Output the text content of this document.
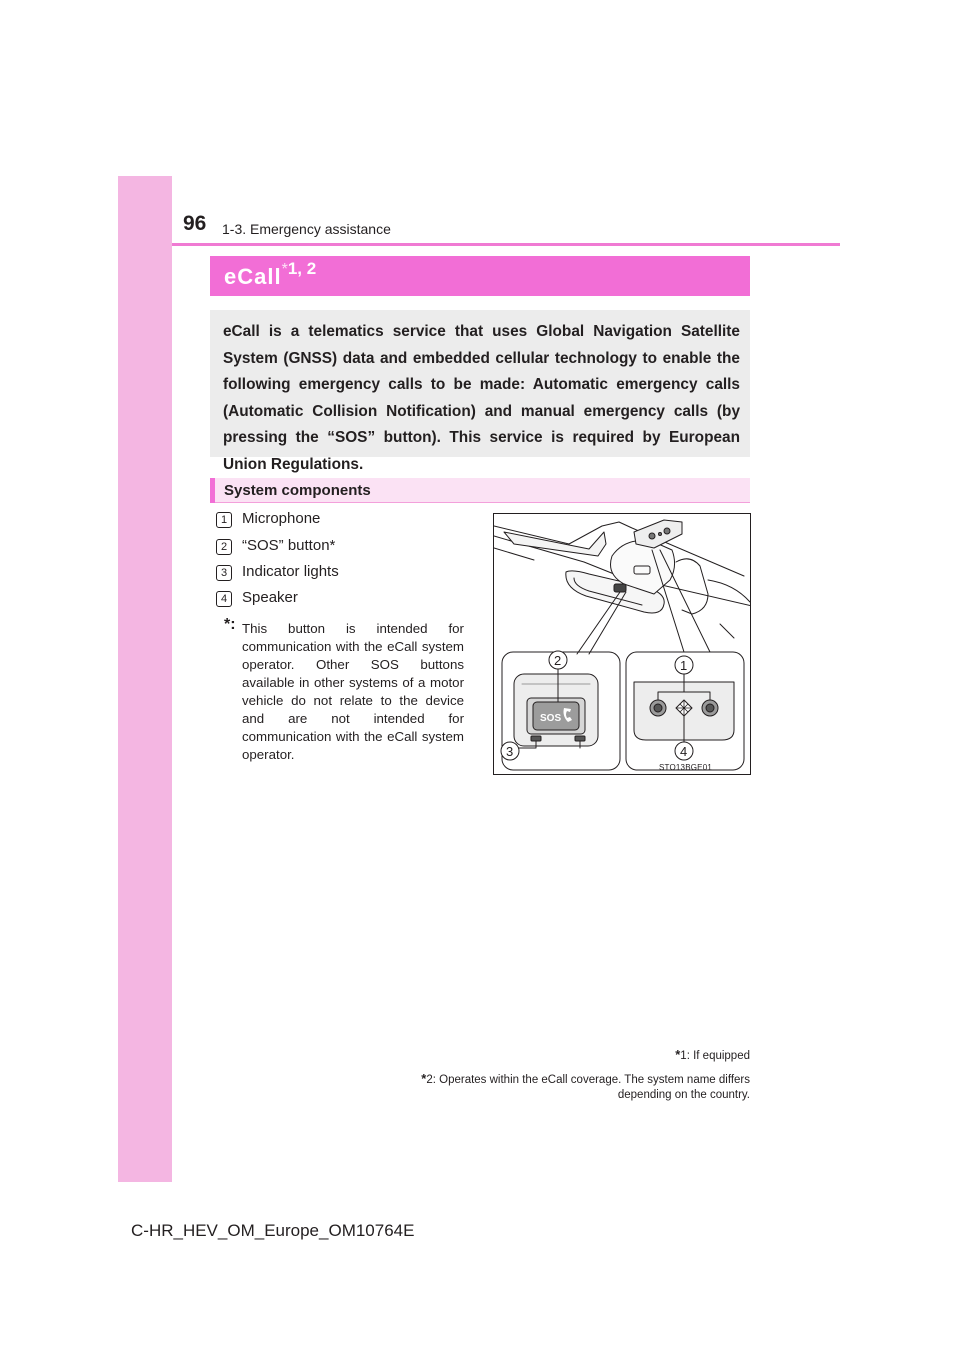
96 1-3. Emergency assistance
eCall$^{*1, 2}$

eCall is a telematics service that uses Global Navigation Satellite System (GNSS) data and embedded cellular technology to enable the following emergency calls to be made: Automatic emergency calls (Automatic Collision Notification) and manual emergency calls (by pressing the “SOS” button). This service is required by European Union Regulations.

System components
1 Microphone
2 “SOS” button*
3 Indicator lights
4 Speaker
*: This button is intended for communication with the eCall system operator. Other SOS buttons available in other systems of a motor vehicle do not relate to the device and are not intended for communication with the eCall system operator.

SOS
2
3
1
4
STO13BGE01
*1: If equipped
*2: Operates within the eCall coverage. The system name differs depending on the country.
C-HR_HEV_OM_Europe_OM10764E
